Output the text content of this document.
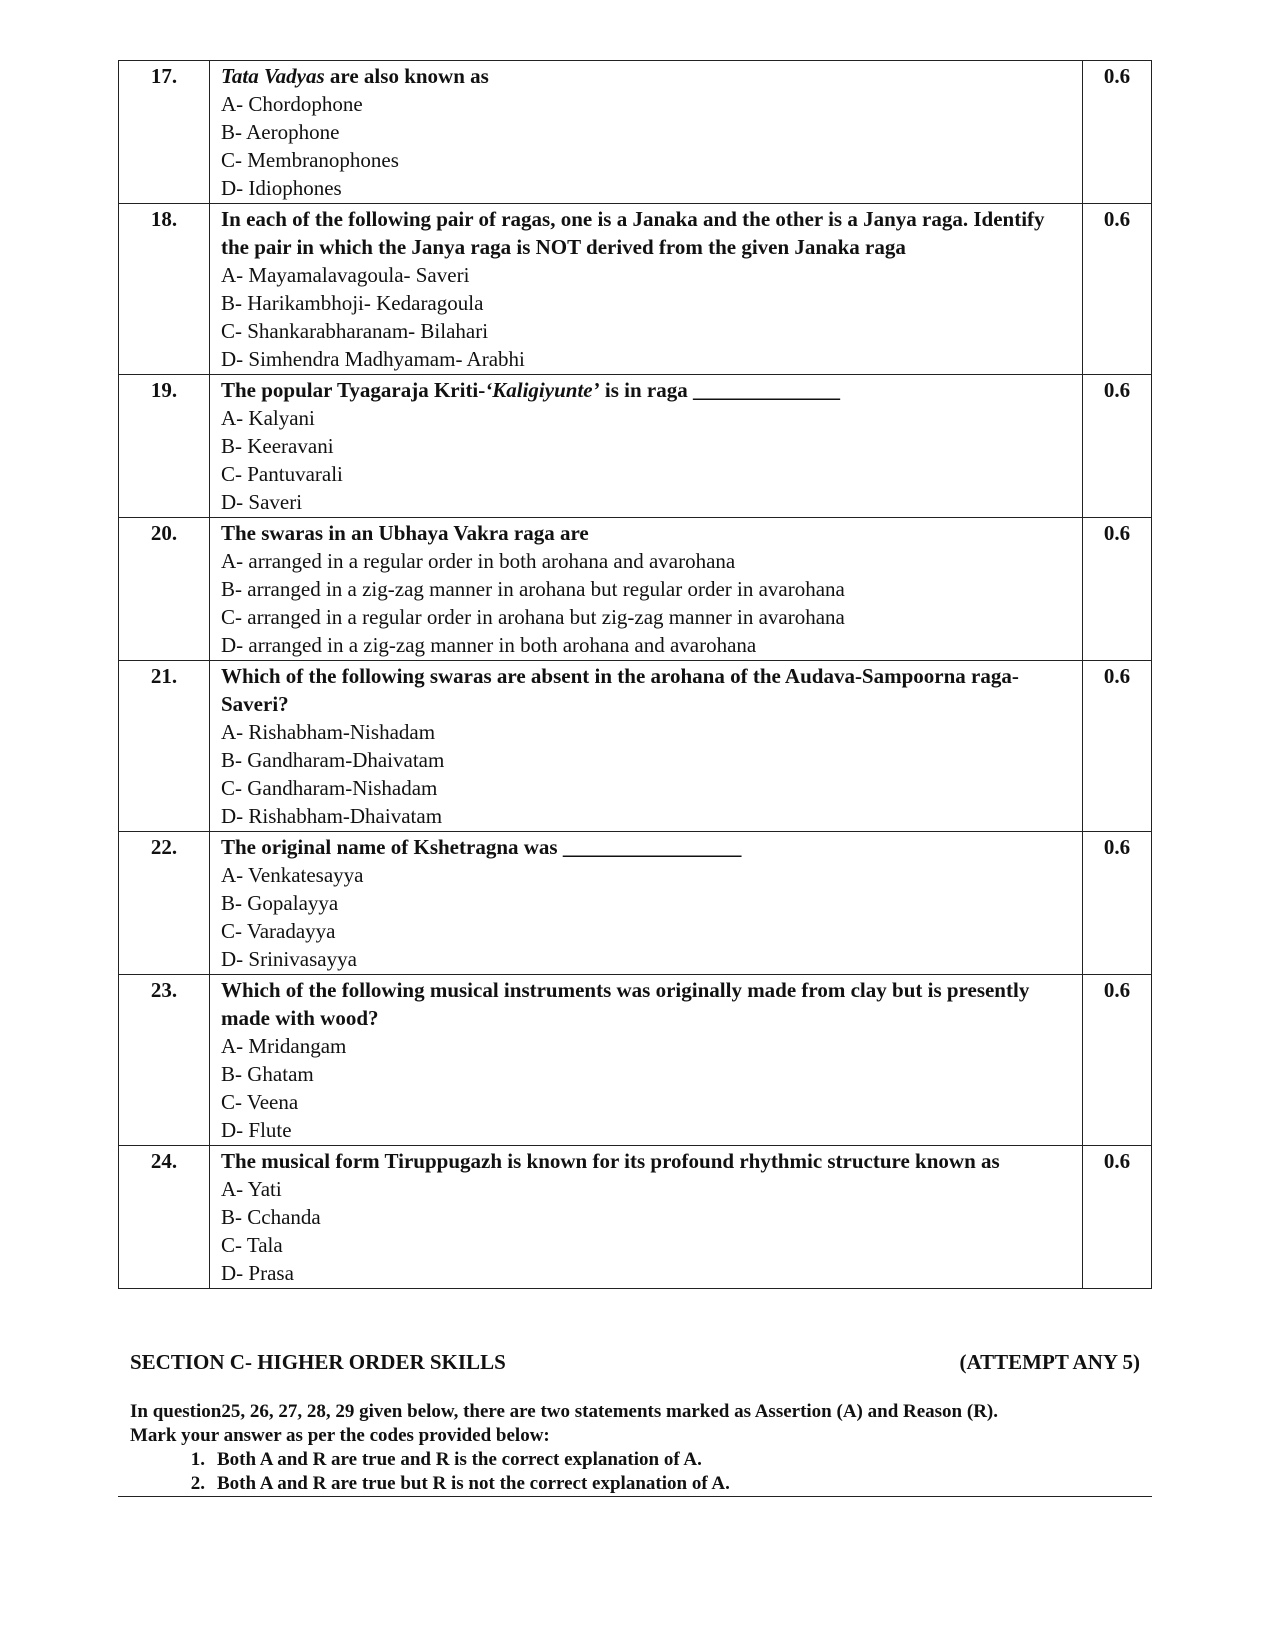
17.	Tata Vadyas are also known as
A- Chordophone
B- Aerophone
C- Membranophones
D- Idiophones	0.6
18.	In each of the following pair of ragas, one is a Janaka and the other is a Janya raga. Identify the pair in which the Janya raga is NOT derived from the given Janaka raga
A- Mayamalavagoula- Saveri
B- Harikambhoji- Kedaragoula
C- Shankarabharanam- Bilahari
D- Simhendra Madhyamam- Arabhi	0.6
19.	The popular Tyagaraja Kriti-‘Kaligiyunte’ is in raga ______________
A- Kalyani
B- Keeravani
C- Pantuvarali
D- Saveri	0.6
20.	The swaras in an Ubhaya Vakra raga are
A- arranged in a regular order in both arohana and avarohana
B- arranged in a zig-zag manner in arohana but regular order in avarohana
C- arranged in a regular order in arohana but zig-zag manner in avarohana
D- arranged in a zig-zag manner in both arohana and avarohana	0.6
21.	Which of the following swaras are absent in the arohana of the Audava-Sampoorna raga- Saveri?
A- Rishabham-Nishadam
B- Gandharam-Dhaivatam
C- Gandharam-Nishadam
D- Rishabham-Dhaivatam	0.6
22.	The original name of Kshetragna was _________________
A- Venkatesayya
B- Gopalayya
C- Varadayya
D- Srinivasayya	0.6
23.	Which of the following musical instruments was originally made from clay but is presently made with wood?
A- Mridangam
B- Ghatam
C- Veena
D- Flute	0.6
24.	The musical form Tiruppugazh is known for its profound rhythmic structure known as
A- Yati
B- Cchanda
C- Tala
D- Prasa	0.6
SECTION C- HIGHER ORDER SKILLS	(ATTEMPT ANY 5)
In question25, 26, 27, 28, 29 given below, there are two statements marked as Assertion (A) and Reason (R).
Mark your answer as per the codes provided below:
1. Both A and R are true and R is the correct explanation of A.
2. Both A and R are true but R is not the correct explanation of A.
